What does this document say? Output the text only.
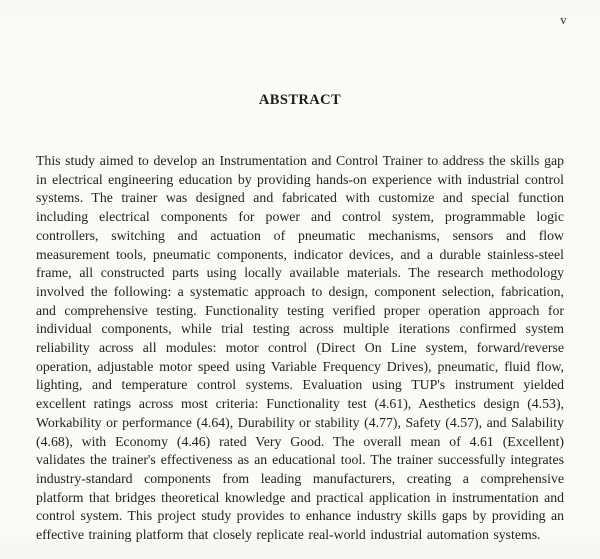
v
ABSTRACT

This study aimed to develop an Instrumentation and Control Trainer to address the skills gap in electrical engineering education by providing hands-on experience with industrial control systems. The trainer was designed and fabricated with customize and special function including electrical components for power and control system, programmable logic controllers, switching and actuation of pneumatic mechanisms, sensors and flow measurement tools, pneumatic components, indicator devices, and a durable stainless-steel frame, all constructed parts using locally available materials. The research methodology involved the following: a systematic approach to design, component selection, fabrication, and comprehensive testing. Functionality testing verified proper operation approach for individual components, while trial testing across multiple iterations confirmed system reliability across all modules: motor control (Direct On Line system, forward/reverse operation, adjustable motor speed using Variable Frequency Drives), pneumatic, fluid flow, lighting, and temperature control systems. Evaluation using TUP's instrument yielded excellent ratings across most criteria: Functionality test (4.61), Aesthetics design (4.53), Workability or performance (4.64), Durability or stability (4.77), Safety (4.57), and Salability (4.68), with Economy (4.46) rated Very Good. The overall mean of 4.61 (Excellent) validates the trainer's effectiveness as an educational tool. The trainer successfully integrates industry-standard components from leading manufacturers, creating a comprehensive platform that bridges theoretical knowledge and practical application in instrumentation and control system. This project study provides to enhance industry skills gaps by providing an effective training platform that closely replicate real-world industrial automation systems.
